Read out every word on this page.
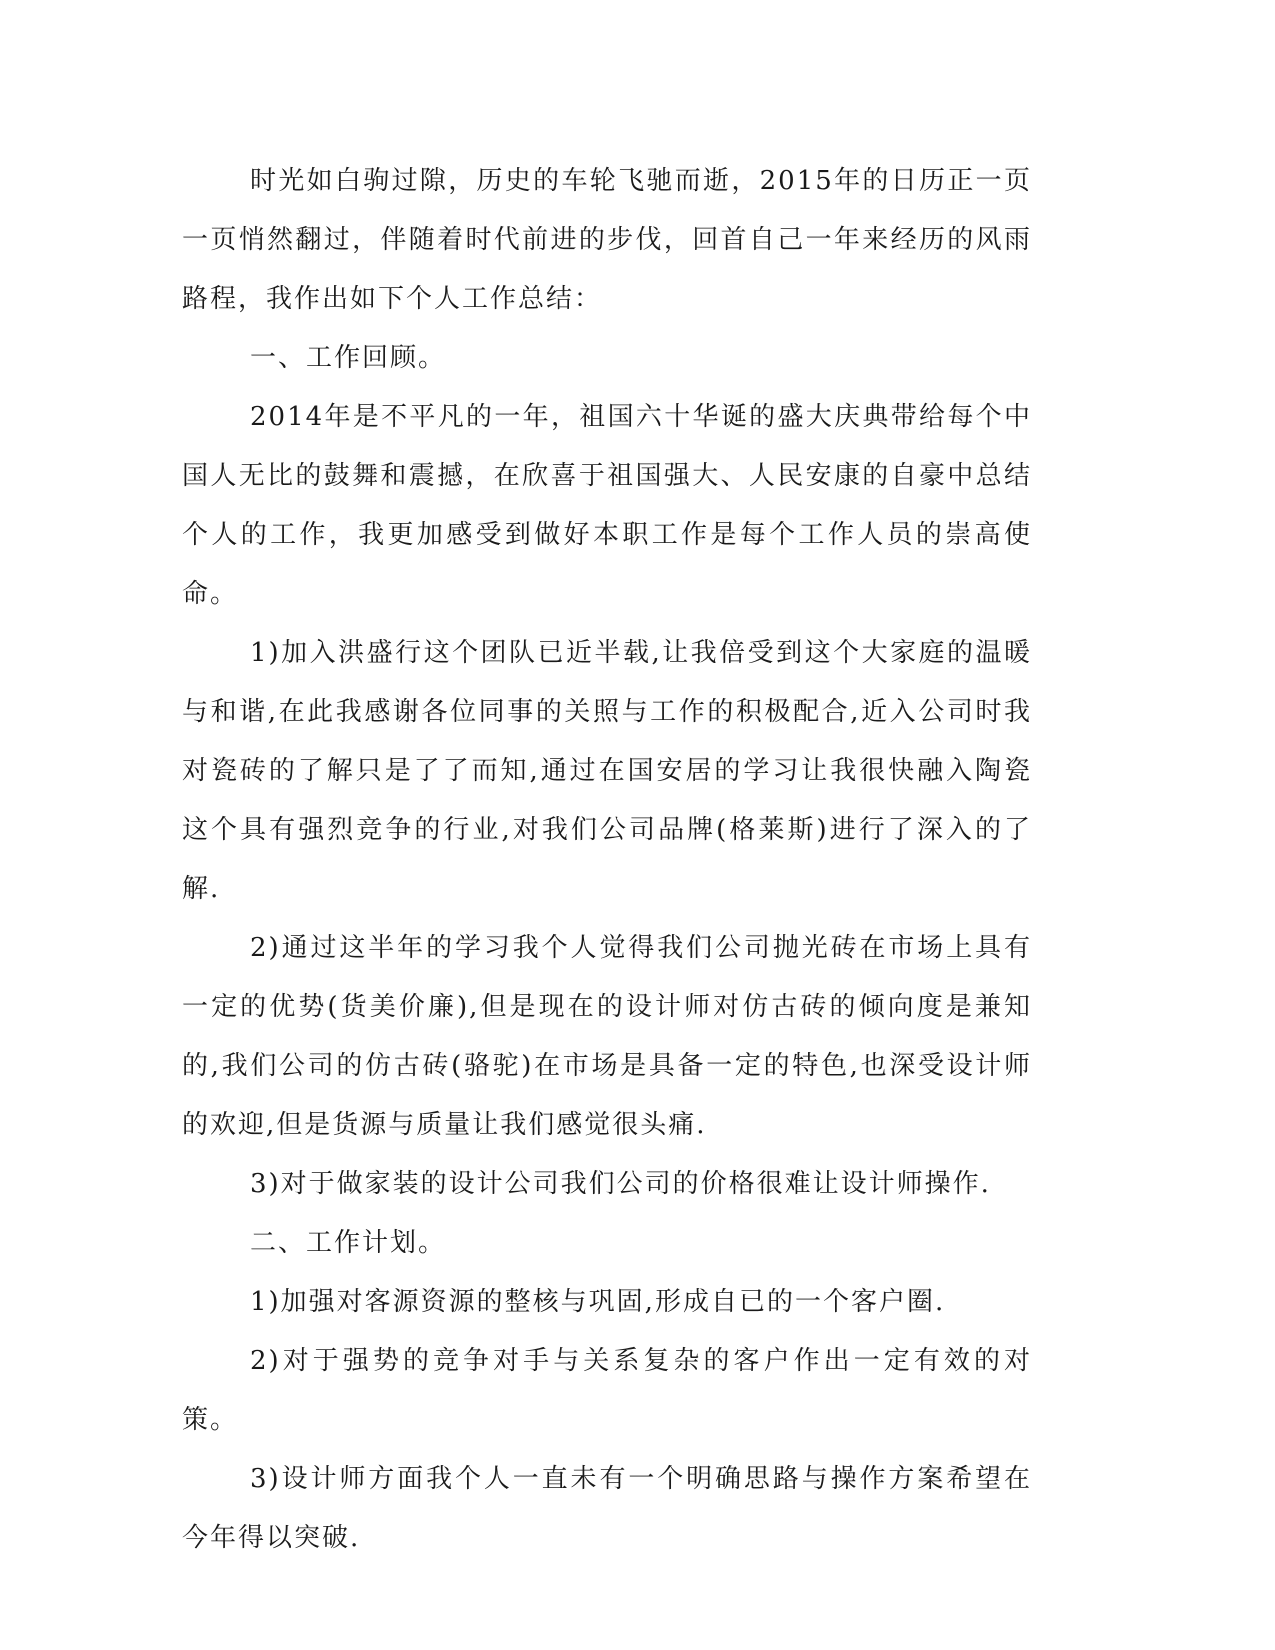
时光如白驹过隙，历史的车轮飞驰而逝，2015年的日历正一页一页悄然翻过，伴随着时代前进的步伐，回首自己一年来经历的风雨路程，我作出如下个人工作总结：

一、工作回顾。

2014年是不平凡的一年，祖国六十华诞的盛大庆典带给每个中国人无比的鼓舞和震撼，在欣喜于祖国强大、人民安康的自豪中总结个人的工作，我更加感受到做好本职工作是每个工作人员的崇高使命。

1)加入洪盛行这个团队已近半载,让我倍受到这个大家庭的温暖与和谐,在此我感谢各位同事的关照与工作的积极配合,近入公司时我对瓷砖的了解只是了了而知,通过在国安居的学习让我很快融入陶瓷这个具有强烈竞争的行业,对我们公司品牌(格莱斯)进行了深入的了解.

2)通过这半年的学习我个人觉得我们公司抛光砖在市场上具有一定的优势(货美价廉),但是现在的设计师对仿古砖的倾向度是兼知的,我们公司的仿古砖(骆驼)在市场是具备一定的特色,也深受设计师的欢迎,但是货源与质量让我们感觉很头痛.

3)对于做家装的设计公司我们公司的价格很难让设计师操作.

二、工作计划。

1)加强对客源资源的整核与巩固,形成自已的一个客户圈.

2)对于强势的竞争对手与关系复杂的客户作出一定有效的对策。

3)设计师方面我个人一直未有一个明确思路与操作方案希望在今年得以突破.
